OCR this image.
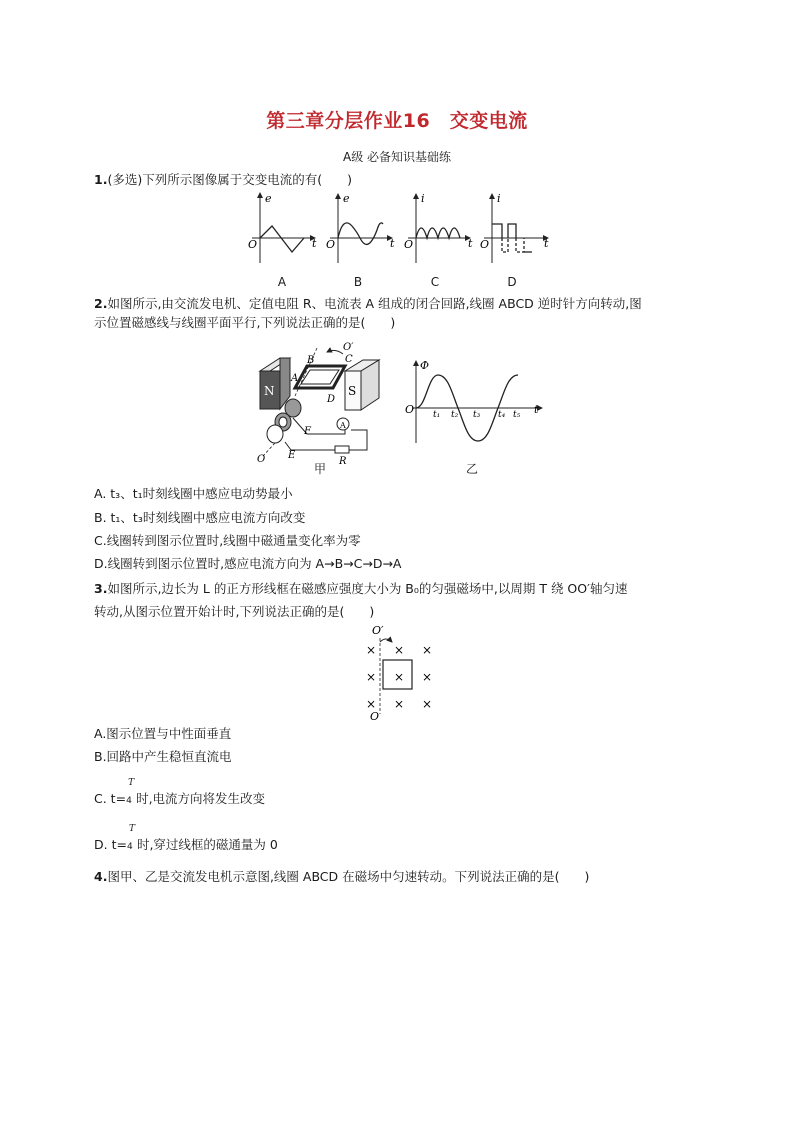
第三章分层作业16　交变电流
A级 必备知识基础练
1.(多选)下列所示图像属于交变电流的有(　　)
e
O	t
e
O	t
i
O	t
i
O	t
A	B	C	D
2.如图所示,由交流发电机、定值电阻 R、电流表 A 组成的闭合回路,线圈 ABCD 逆时针方向转动,图
示位置磁感线与线圈平面平行,下列说法正确的是(　　)
N	S
B	C
A
D
O′
O
A
F
E
R
甲
Φ
O	t
t₁ t₂ t₃ t₄ t₅
乙
A. t₃、t₁时刻线圈中感应电动势最小
B. t₁、t₃时刻线圈中感应电流方向改变
C.线圈转到图示位置时,线圈中磁通量变化率为零
D.线圈转到图示位置时,感应电流方向为 A→B→C→D→A
3.如图所示,边长为 L 的正方形线框在磁感应强度大小为 B₀的匀强磁场中,以周期 T 绕 OO′轴匀速
转动,从图示位置开始计时,下列说法正确的是(　　)
O′
O
× × ×
× × ×
× × ×
A.图示位置与中性面垂直
B.回路中产生稳恒直流电
C. t=
T
4 时,电流方向将发生改变
D. t=
T
4 时,穿过线框的磁通量为 0
4.图甲、乙是交流发电机示意图,线圈 ABCD 在磁场中匀速转动。下列说法正确的是(　　)
